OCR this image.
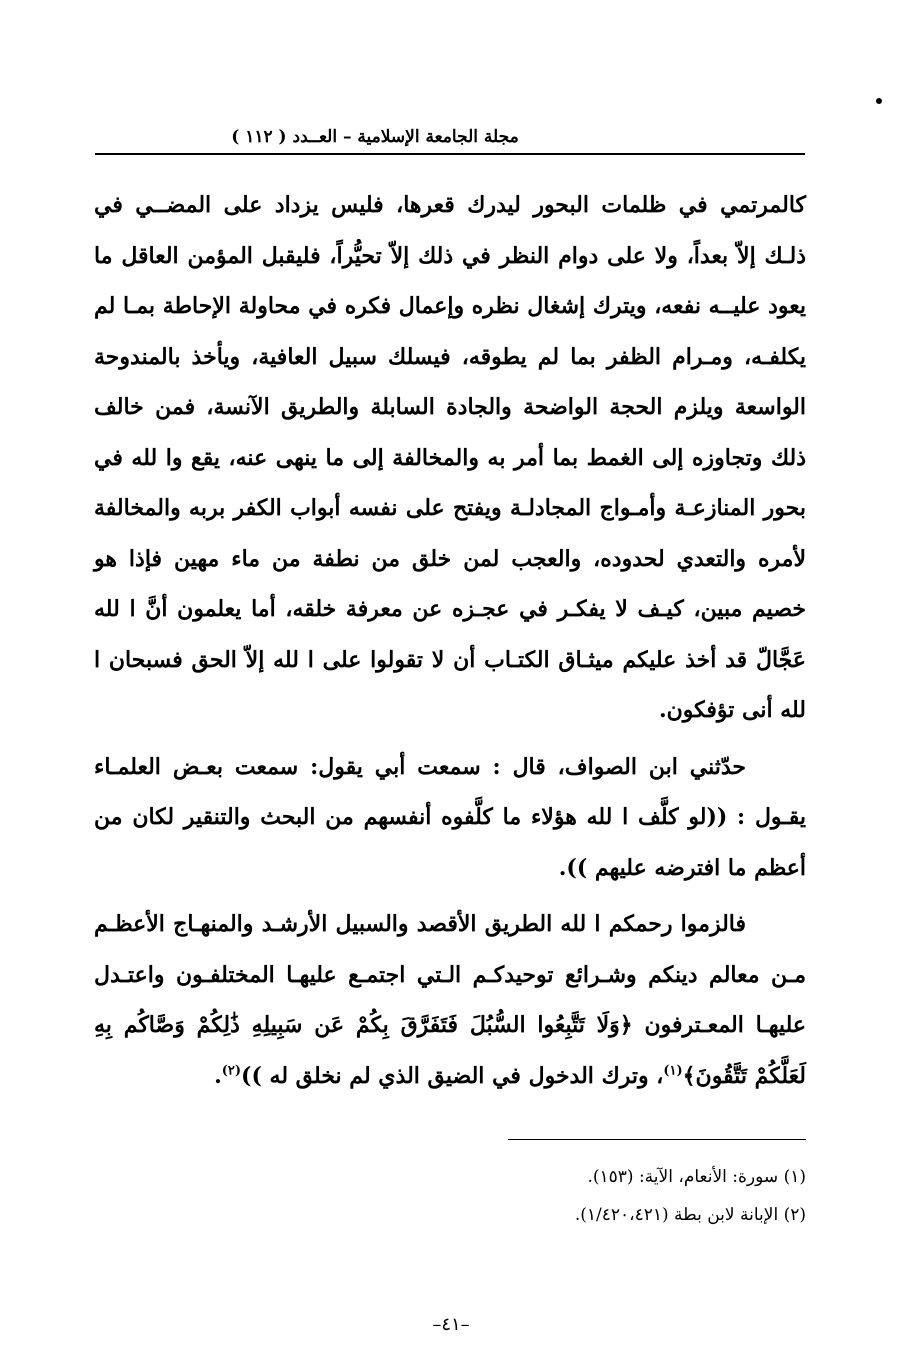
مجلة الجامعة الإسلامية – العــدد ( ١١٢ )

كالمرتمي في ظلمات البحور ليدرك قعرها، فليس يزداد على المضــي في ذلـك إلاّ بعداً، ولا على دوام النظر في ذلك إلاّ تحيُّراً، فليقبل المؤمن العاقل ما يعود عليــه نفعه، ويترك إشغال نظره وإعمال فكره في محاولة الإحاطة بمـا لم يكلفـه، ومـرام الظفر بما لم يطوقه، فيسلك سبيل العافية، ويأخذ بالمندوحة الواسعة ويلزم الحجة الواضحة والجادة السابلة والطريق الآنسة، فمن خالف ذلك وتجاوزه إلى الغمط بما أمر به والمخالفة إلى ما ينهى عنه، يقع وا لله في بحور المنازعـة وأمـواج المجادلـة ويفتح على نفسه أبواب الكفر بربه والمخالفة لأمره والتعدي لحدوده، والعجب لمن خلق من نطفة من ماء مهين فإذا هو خصيم مبين، كيـف لا يفكـر في عجـزه عن معرفة خلقه، أما يعلمون أنَّ ا لله عَجَّالّ قد أخذ عليكم ميثـاق الكتـاب أن لا تقولوا على ا لله إلاّ الحق فسبحان ا لله أنى تؤفكون.

حدّثني ابن الصواف، قال : سمعت أبي يقول: سمعت بعـض العلمـاء يقـول : ((لو كلَّف ا لله هؤلاء ما كلَّفوه أنفسهم من البحث والتنقير لكان من أعظم ما افترضه عليهم )).

فالزموا رحمكم ا لله الطريق الأقصد والسبيل الأرشـد والمنهـاج الأعظـم مـن معالم دينكم وشـرائع توحيدكـم الـتي اجتمـع عليهـا المختلفـون واعتـدل عليهـا المعـترفون ﴿وَلَا تَتَّبِعُوا السُّبُلَ فَتَفَرَّقَ بِكُمْ عَن سَبِيلِهِ ذَٰلِكُمْ وَصَّاكُم بِهِ لَعَلَّكُمْ تَتَّقُونَ﴾$^{(١)}$، وترك الدخول في الضيق الذي لم نخلق له ))$^{(٢)}$.

(١) سورة: الأنعام، الآية: (١٥٣).

(٢) الإبانة لابن بطة (١/٤٢٠،٤٢١).

–٤١–
